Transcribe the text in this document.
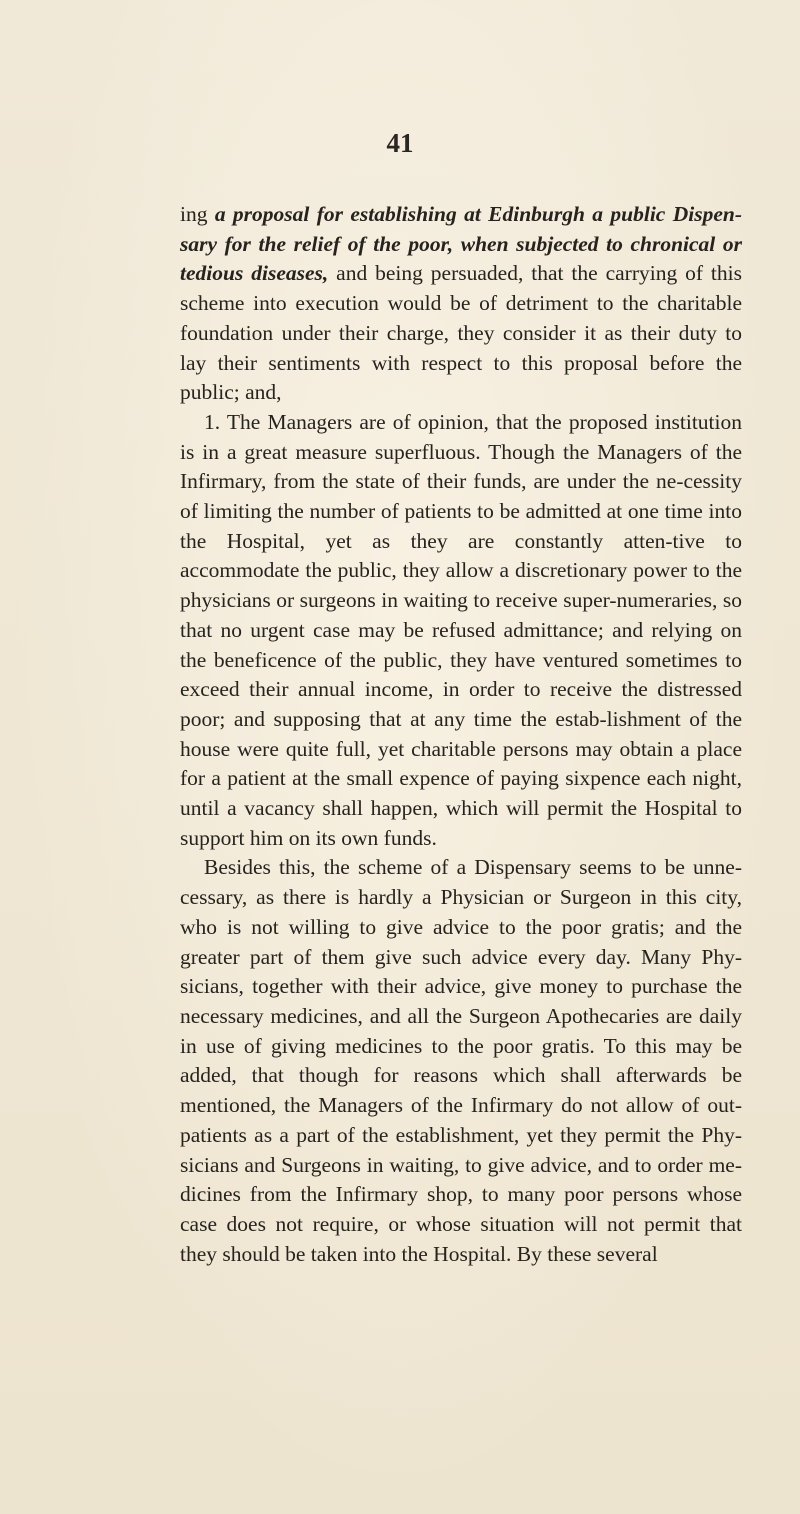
41

ing a proposal for establishing at Edinburgh a public Dispen-sary for the relief of the poor, when subjected to chronical or tedious diseases, and being persuaded, that the carrying of this scheme into execution would be of detriment to the charitable foundation under their charge, they consider it as their duty to lay their sentiments with respect to this proposal before the public; and,

1. The Managers are of opinion, that the proposed institution is in a great measure superfluous. Though the Managers of the Infirmary, from the state of their funds, are under the ne-cessity of limiting the number of patients to be admitted at one time into the Hospital, yet as they are constantly atten-tive to accommodate the public, they allow a discretionary power to the physicians or surgeons in waiting to receive super-numeraries, so that no urgent case may be refused admittance; and relying on the beneficence of the public, they have ventured sometimes to exceed their annual income, in order to receive the distressed poor; and supposing that at any time the estab-lishment of the house were quite full, yet charitable persons may obtain a place for a patient at the small expence of paying sixpence each night, until a vacancy shall happen, which will permit the Hospital to support him on its own funds.

Besides this, the scheme of a Dispensary seems to be unne-cessary, as there is hardly a Physician or Surgeon in this city, who is not willing to give advice to the poor gratis; and the greater part of them give such advice every day. Many Phy-sicians, together with their advice, give money to purchase the necessary medicines, and all the Surgeon Apothecaries are daily in use of giving medicines to the poor gratis. To this may be added, that though for reasons which shall afterwards be mentioned, the Managers of the Infirmary do not allow of out-patients as a part of the establishment, yet they permit the Phy-sicians and Surgeons in waiting, to give advice, and to order me-dicines from the Infirmary shop, to many poor persons whose case does not require, or whose situation will not permit that they should be taken into the Hospital. By these several
